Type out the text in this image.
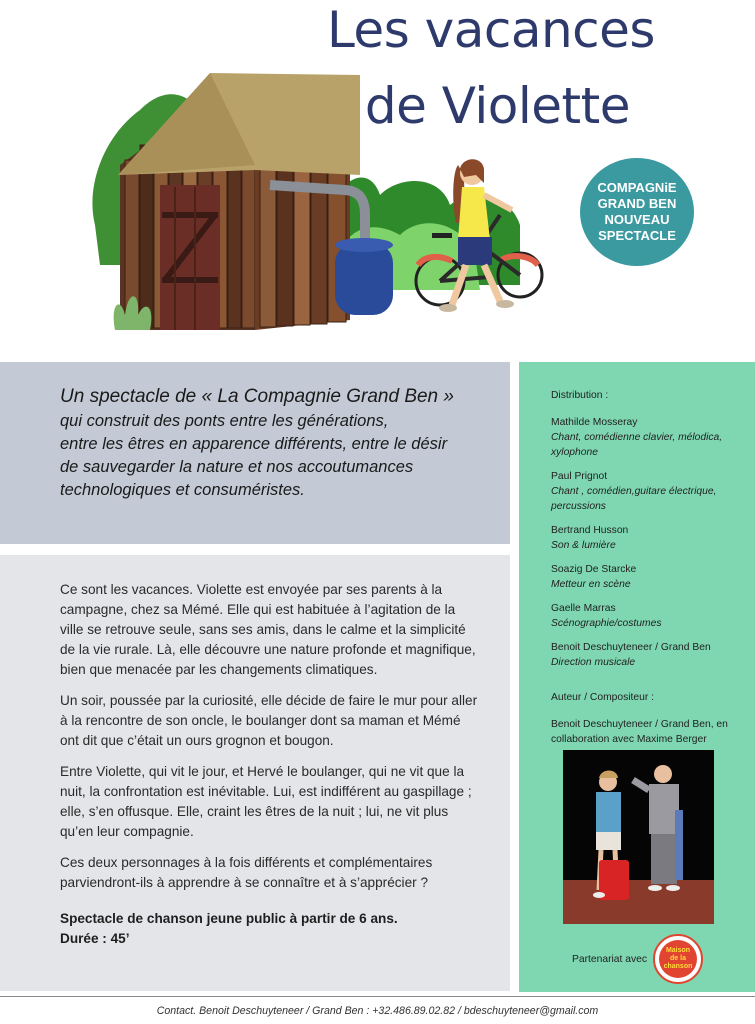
Les vacances
de Violette
COMPAGNiE
GRAND BEN
NOUVEAU
SPECTACLE
Un spectacle de « La Compagnie Grand Ben »
qui construit des ponts entre les générations,
entre les êtres en apparence différents, entre le désir
de sauvegarder la nature et nos accoutumances
technologiques et consuméristes.

Ce sont les vacances. Violette est envoyée par ses parents à la campagne, chez sa Mémé. Elle qui est habituée à l’agitation de la ville se retrouve seule, sans ses amis, dans le calme et la simplicité de la vie rurale. Là, elle découvre une nature profonde et magnifique, bien que menacée par les changements climatiques.

Un soir, poussée par la curiosité, elle décide de faire le mur pour aller à la rencontre de son oncle, le boulanger dont sa maman et Mémé ont dit que c’était un ours grognon et bougon.

Entre Violette, qui vit le jour, et Hervé le boulanger, qui ne vit que la nuit, la confrontation est inévitable. Lui, est indifférent au gaspillage ; elle, s’en offusque. Elle, craint les êtres de la nuit ; lui, ne vit plus qu’en leur compagnie.

Ces deux personnages à la fois différents et complémentaires parviendront-ils à apprendre à se connaître et à s’apprécier ?

Spectacle de chanson jeune public à partir de 6 ans.
Durée : 45’

Distribution :
Mathilde Mosseray
Chant, comédienne clavier, mélodica, xylophone
Paul Prignot
Chant , comédien,guitare électrique, percussions
Bertrand Husson
Son & lumière
Soazig De Starcke
Metteur en scène
Gaelle Marras
Scénographie/costumes
Benoit Deschuyteneer / Grand Ben
Direction musicale
Auteur / Compositeur :
Benoit Deschuyteneer / Grand Ben, en collaboration avec Maxime Berger
Partenariat avec
Maison
de la
chanson
Contact. Benoit Deschuyteneer / Grand Ben : +32.486.89.02.82 / bdeschuyteneer@gmail.com
